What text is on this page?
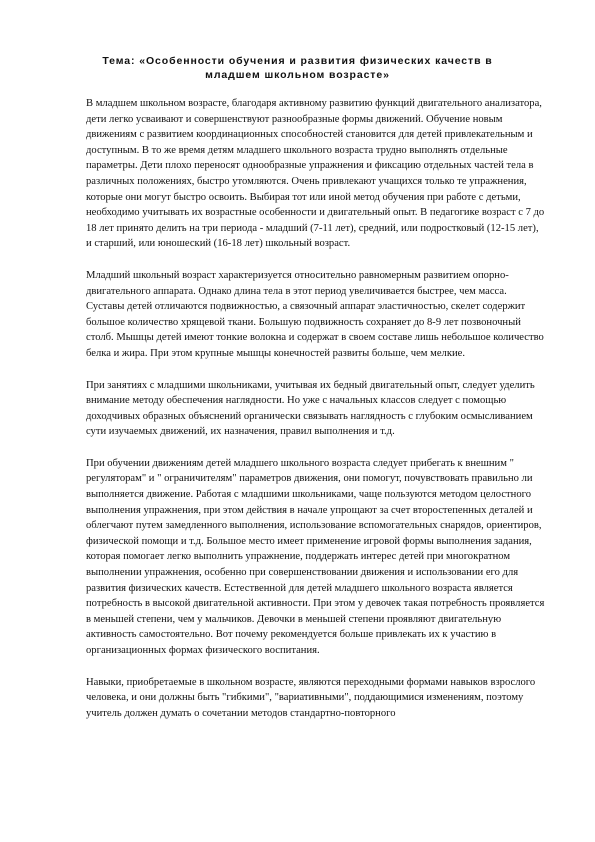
Тема: «Особенности обучения и развития физических качеств в
младшем школьном возрасте»

В младшем школьном возрасте, благодаря активному развитию функций двигательного анализатора, дети легко усваивают и совершенствуют разнообразные формы движений. Обучение новым движениям с развитием координационных способностей становится для детей привлекательным и доступным. В то же время детям младшего школьного возраста трудно выполнять отдельные параметры. Дети плохо переносят однообразные упражнения и фиксацию отдельных частей тела в различных положениях, быстро утомляются. Очень привлекают учащихся только те упражнения, которые они могут быстро освоить. Выбирая тот или иной метод обучения при работе с детьми, необходимо учитывать их возрастные особенности и двигательный опыт. В педагогике возраст с 7 до 18 лет принято делить на три периода - младший (7-11 лет), средний, или подростковый (12-15 лет), и старший, или юношеский (16-18 лет) школьный возраст.

Младший школьный возраст характеризуется относительно равномерным развитием опорно-двигательного аппарата. Однако длина тела в этот период увеличивается быстрее, чем масса. Суставы детей отличаются подвижностью, а связочный аппарат эластичностью, скелет содержит большое количество хрящевой ткани. Большую подвижность сохраняет до 8-9 лет позвоночный столб. Мышцы детей имеют тонкие волокна и содержат в своем составе лишь небольшое количество белка и жира. При этом крупные мышцы конечностей развиты больше, чем мелкие.

При занятиях с младшими школьниками, учитывая их бедный двигательный опыт, следует уделить внимание методу обеспечения наглядности. Но уже с начальных классов следует с помощью доходчивых образных объяснений органически связывать наглядность с глубоким осмысливанием сути изучаемых движений, их назначения, правил выполнения и т.д.

При обучении движениям детей младшего школьного возраста следует прибегать к внешним " регуляторам" и " ограничителям" параметров движения, они помогут, почувствовать правильно ли выполняется движение. Работая с младшими школьниками, чаще пользуются методом целостного выполнения упражнения, при этом действия в начале упрощают за счет второстепенных деталей и облегчают путем замедленного выполнения, использование вспомогательных снарядов, ориентиров, физической помощи и т.д. Большое место имеет применение игровой формы выполнения задания, которая помогает легко выполнить упражнение, поддержать интерес детей при многократном выполнении упражнения, особенно при совершенствовании движения и использовании его для развития физических качеств. Естественной для детей младшего школьного возраста является потребность в высокой двигательной активности. При этом у девочек такая потребность проявляется в меньшей степени, чем у мальчиков. Девочки в меньшей степени проявляют двигательную активность самостоятельно. Вот почему рекомендуется больше привлекать их к участию в организационных формах физического воспитания.

Навыки, приобретаемые в школьном возрасте, являются переходными формами навыков взрослого человека, и они должны быть "гибкими", "вариативными", поддающимися изменениям, поэтому учитель должен думать о сочетании методов стандартно-повторного
